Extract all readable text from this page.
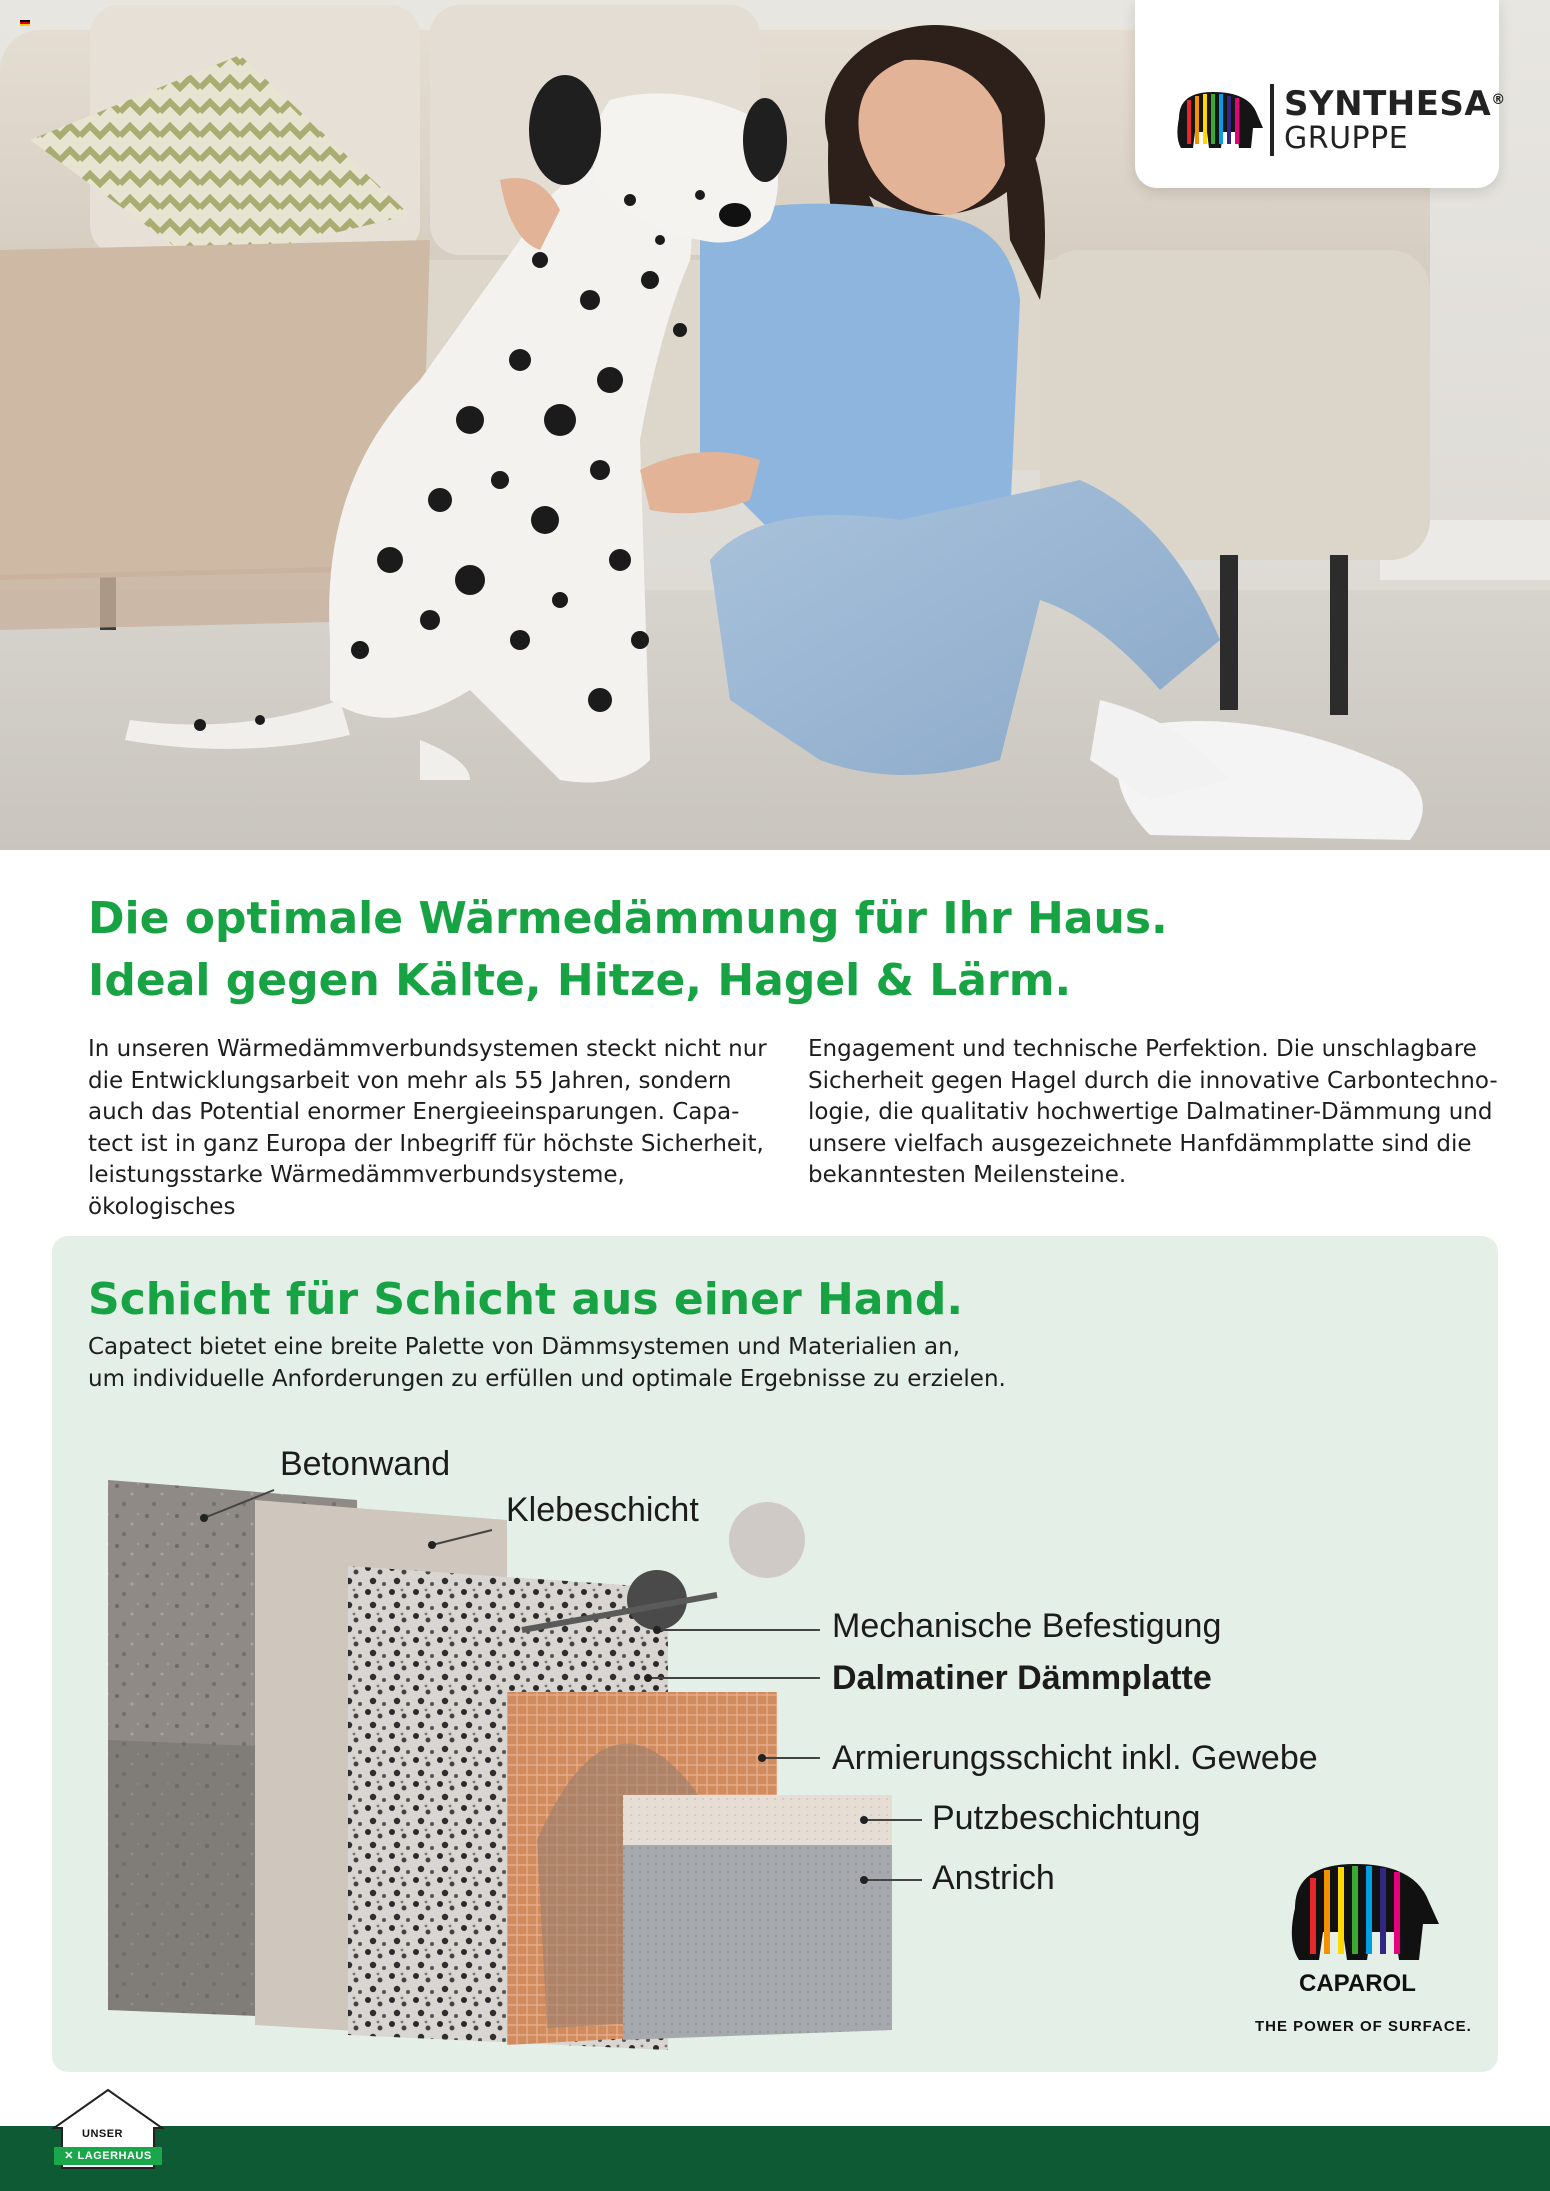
SYNTHESA®
GRUPPE
Die optimale Wärmedämmung für Ihr Haus.
Ideal gegen Kälte, Hitze, Hagel & Lärm.
In unseren Wärmedämmverbundsystemen steckt nicht nur
die Entwicklungsarbeit von mehr als 55 Jahren, sondern
auch das Potential enormer Energieeinsparungen. Capa-
tect ist in ganz Europa der Inbegriff für höchste Sicherheit,
leistungsstarke Wärmedämmverbundsysteme, ökologisches
Engagement und technische Perfektion. Die unschlagbare
Sicherheit gegen Hagel durch die innovative Carbontechno-
logie, die qualitativ hochwertige Dalmatiner-Dämmung und
unsere vielfach ausgezeichnete Hanfdämmplatte sind die
bekanntesten Meilensteine.
Schicht für Schicht aus einer Hand.
Capatect bietet eine breite Palette von Dämmsystemen und Materialien an,
um individuelle Anforderungen zu erfüllen und optimale Ergebnisse zu erzielen.
Betonwand
Klebeschicht
Mechanische Befestigung
Dalmatiner Dämmplatte
Armierungsschicht inkl. Gewebe
Putzbeschichtung
Anstrich
CAPAROL
THE POWER OF SURFACE.
UNSER
✕ LAGERHAUS
